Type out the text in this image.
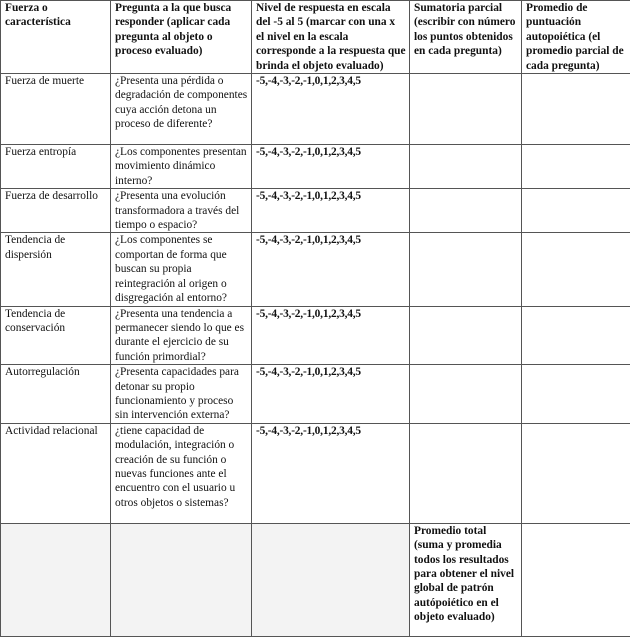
Fuerza o característica	Pregunta a la que busca responder (aplicar cada pregunta al objeto o proceso evaluado)	Nivel de respuesta en escala del -5 al 5 (marcar con una x el nivel en la escala corresponde a la respuesta que brinda el objeto evaluado)	Sumatoria parcial (escribir con número los puntos obtenidos en cada pregunta)	Promedio de puntuación autopoiética (el promedio parcial de cada pregunta)
Fuerza de muerte	¿Presenta una pérdida o degradación de componentes cuya acción detona un proceso de diferente?	-5,-4,-3,-2,-1,0,1,2,3,4,5		
Fuerza entropía	¿Los componentes presentan movimiento dinámico interno?	-5,-4,-3,-2,-1,0,1,2,3,4,5		
Fuerza de desarrollo	¿Presenta una evolución transformadora a través del tiempo o espacio?	-5,-4,-3,-2,-1,0,1,2,3,4,5		
Tendencia de dispersión	¿Los componentes se comportan de forma que buscan su propia reintegración al origen o disgregación al entorno?	-5,-4,-3,-2,-1,0,1,2,3,4,5		
Tendencia de conservación	¿Presenta una tendencia a permanecer siendo lo que es durante el ejercicio de su función primordial?	-5,-4,-3,-2,-1,0,1,2,3,4,5		
Autorregulación	¿Presenta capacidades para detonar su propio funcionamiento y proceso sin intervención externa?	-5,-4,-3,-2,-1,0,1,2,3,4,5		
Actividad relacional	¿tiene capacidad de modulación, integración o creación de su función o nuevas funciones ante el encuentro con el usuario u otros objetos o sistemas?	-5,-4,-3,-2,-1,0,1,2,3,4,5		
			Promedio total (suma y promedia todos los resultados para obtener el nivel global de patrón autópoiético en el objeto evaluado)	
